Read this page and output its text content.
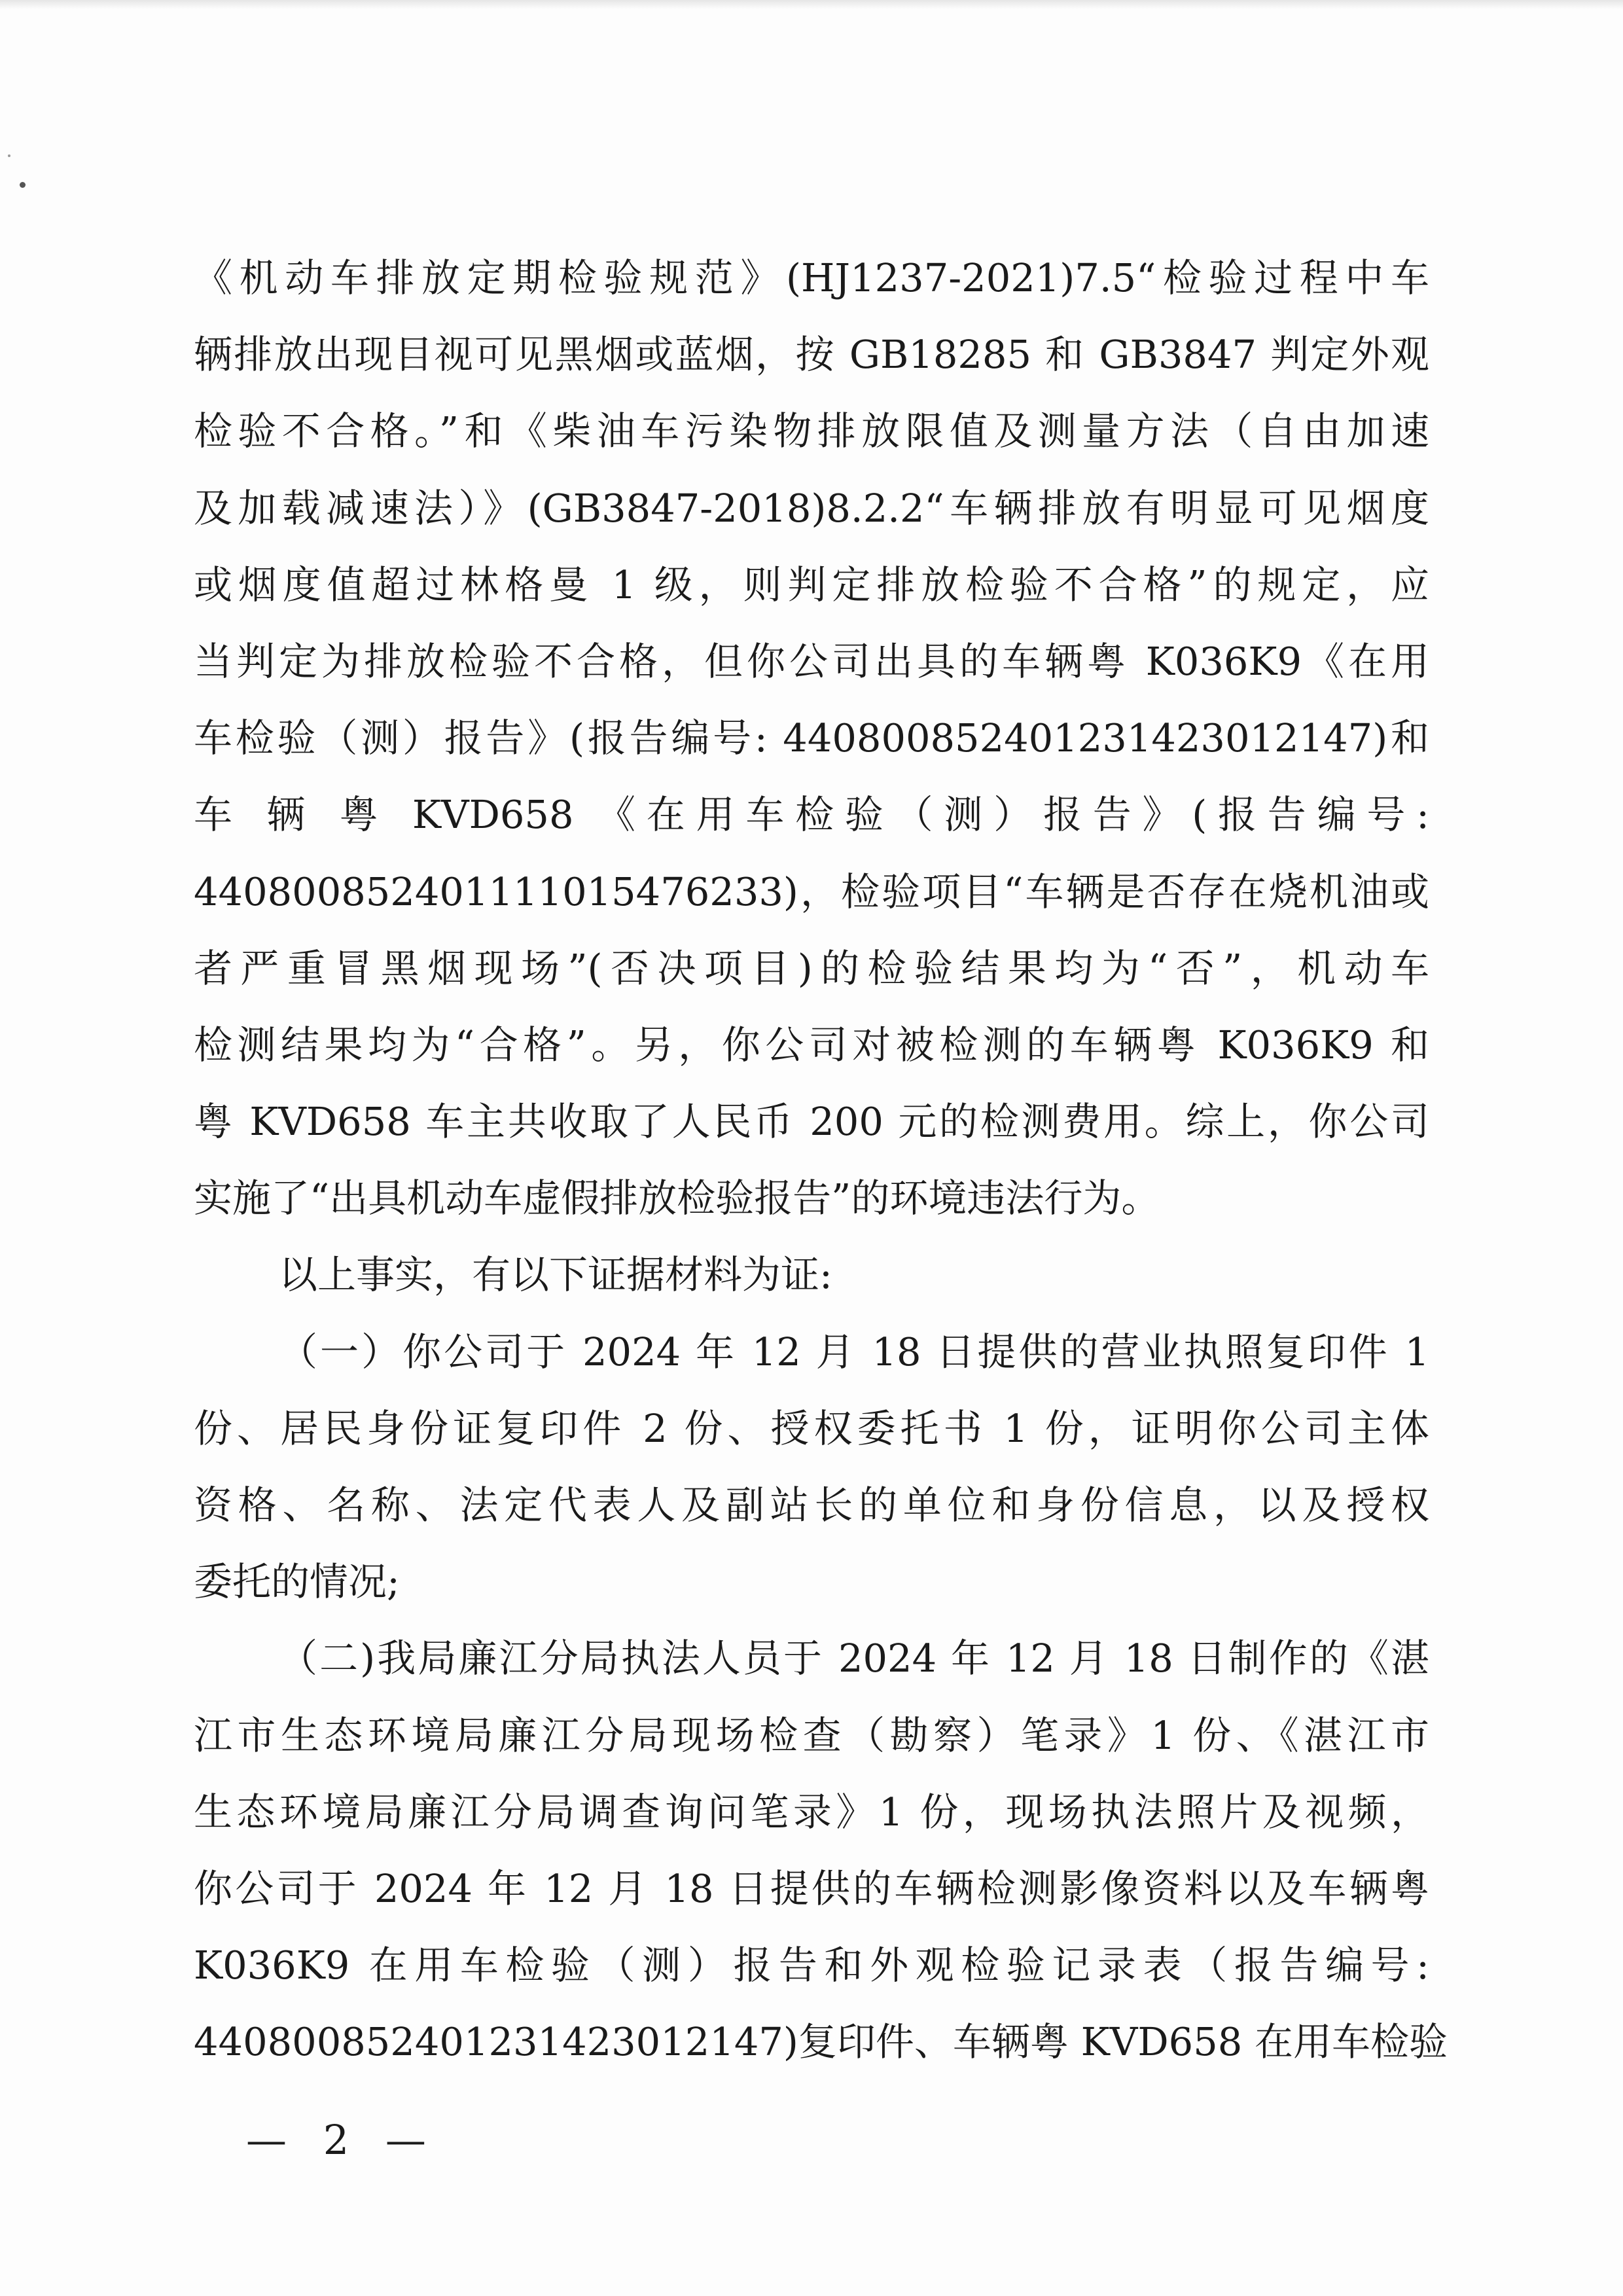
《机动车排放定期检验规范》(HJ1237-2021)7.5“检验过程中车
辆排放出现目视可见黑烟或蓝烟，按 GB18285 和 GB3847 判定外观
检验不合格。”和《柴油车污染物排放限值及测量方法（自由加速
及加载减速法）》(GB3847-2018)8.2.2“车辆排放有明显可见烟度
或烟度值超过林格曼 1 级，则判定排放检验不合格”的规定，应
当判定为排放检验不合格，但你公司出具的车辆粤 K036K9《在用
车检验（测）报告》(报告编号: 44080085240123142301​2147)和
车 辆 粤 KVD658 《在用车检验（测）报告》(报告编号:
44080085240111101547​6233)，检验项目“车辆是否存在烧机油或
者严重冒黑烟现场”(否决项目)的检验结果均为“否”，机动车
检测结果均为“合格”。另，你公司对被检测的车辆粤 K036K9 和
粤 KVD658 车主共收取了人民币 200 元的检测费用。综上，你公司
实施了“出具机动车虚假排放检验报告”的环境违法行为。
以上事实，有以下证据材料为证:
（一）你公司于 2024 年 12 月 18 日提供的营业执照复印件 1
份、居民身份证复印件 2 份、授权委托书 1 份，证明你公司主体
资格、名称、法定代表人及副站长的单位和身份信息，以及授权
委托的情况;
（二)我局廉江分局执法人员于 2024 年 12 月 18 日制作的《湛
江市生态环境局廉江分局现场检查（勘察）笔录》1 份、《湛江市
生态环境局廉江分局调查询问笔录》1 份，现场执法照片及视频，
你公司于 2024 年 12 月 18 日提供的车辆检测影像资料以及车辆粤
K036K9 在用车检验（测）报告和外观检验记录表（报告编号:
44080085240123142301​2147)复印件、车辆粤 KVD658 在用车检验
— 2 —
